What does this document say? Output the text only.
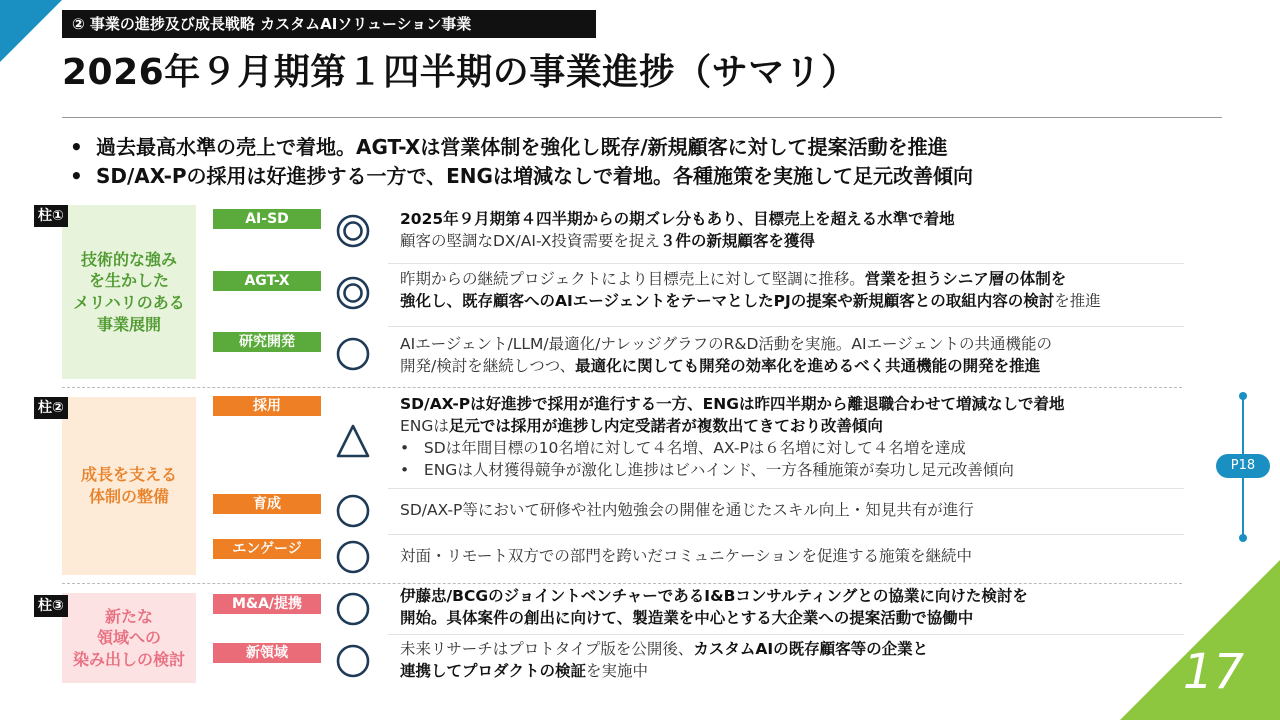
② 事業の進捗及び成長戦略 カスタムAIソリューション事業
2026年９月期第１四半期の事業進捗（サマリ）
• 過去最高水準の売上で着地。AGT-Xは営業体制を強化し既存/新規顧客に対して提案活動を推進
• SD/AX-Pの採用は好進捗する一方で、ENGは増減なしで着地。各種施策を実施して足元改善傾向
技術的な強み
を生かした
メリハリのある
事業展開
柱①
成長を支える
体制の整備
柱②
新たな
領域への
染み出しの検討
柱③
AI-SD
AGT-X
研究開発
採用
育成
エンゲージ
M&A/提携
新領域
2025年９月期第４四半期からの期ズレ分もあり、目標売上を超える水準で着地
顧客の堅調なDX/AI-X投資需要を捉え３件の新規顧客を獲得
昨期からの継続プロジェクトにより目標売上に対して堅調に推移。営業を担うシニア層の体制を
強化し、既存顧客へのAIエージェントをテーマとしたPJの提案や新規顧客との取組内容の検討を推進
AIエージェント/LLM/最適化/ナレッジグラフのR&D活動を実施。AIエージェントの共通機能の
開発/検討を継続しつつ、最適化に関しても開発の効率化を進めるべく共通機能の開発を推進
SD/AX-Pは好進捗で採用が進行する一方、ENGは昨四半期から離退職合わせて増減なしで着地
ENGは足元では採用が進捗し内定受諾者が複数出てきており改善傾向
•   SDは年間目標の10名増に対して４名増、AX-Pは６名増に対して４名増を達成
•   ENGは人材獲得競争が激化し進捗はビハインド、一方各種施策が奏功し足元改善傾向
SD/AX-P等において研修や社内勉強会の開催を通じたスキル向上・知見共有が進行
対面・リモート双方での部門を跨いだコミュニケーションを促進する施策を継続中
伊藤忠/BCGのジョイントベンチャーであるI&Bコンサルティングとの協業に向けた検討を
開始。具体案件の創出に向けて、製造業を中心とする大企業への提案活動で協働中
未来リサーチはプロトタイプ版を公開後、カスタムAIの既存顧客等の企業と
連携してプロダクトの検証を実施中
P18
17
